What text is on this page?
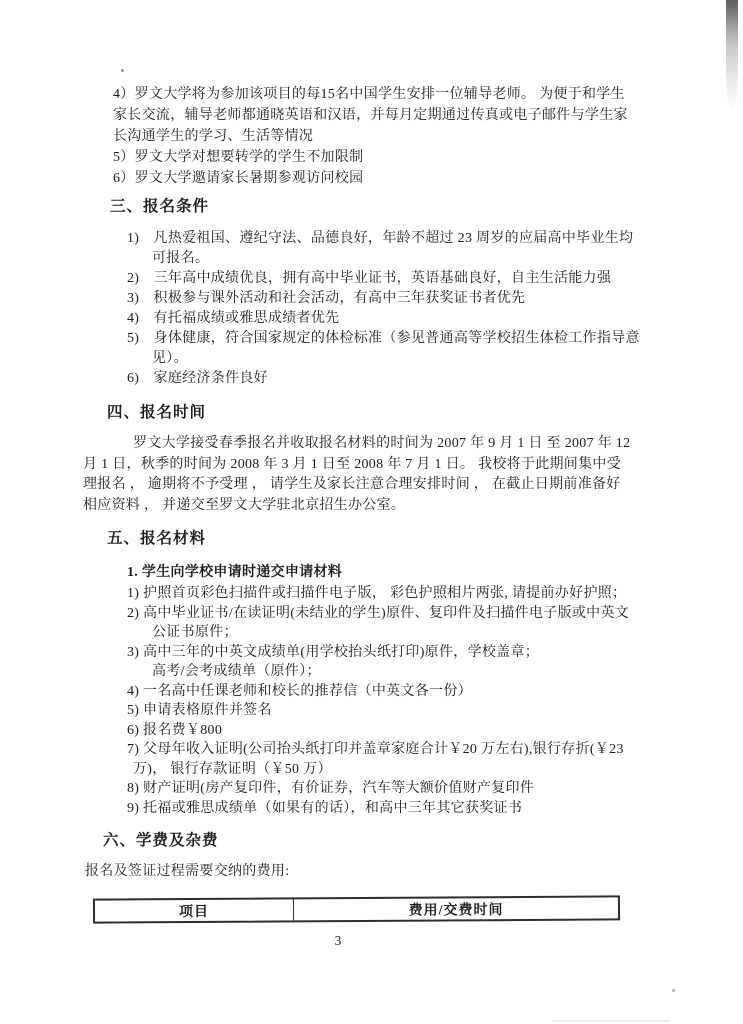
4）罗文大学将为参加该项目的每15名中国学生安排一位辅导老师。 为便于和学生
家长交流，辅导老师都通晓英语和汉语，并每月定期通过传真或电子邮件与学生家
长沟通学生的学习、生活等情况
5）罗文大学对想要转学的学生不加限制
6）罗文大学邀请家长暑期参观访问校园
三、报名条件
1)　凡热爱祖国、遵纪守法、品德良好，年龄不超过 23 周岁的应届高中毕业生均
可报名。
2)　三年高中成绩优良，拥有高中毕业证书，英语基础良好，自主生活能力强
3)　积极参与课外活动和社会活动，有高中三年获奖证书者优先
4)　有托福成绩或雅思成绩者优先
5)　身体健康，符合国家规定的体检标准（参见普通高等学校招生体检工作指导意
见）。
6)　家庭经济条件良好
四、报名时间
罗文大学接受春季报名并收取报名材料的时间为 2007 年 9 月 1 日 至 2007 年 12
月 1 日，秋季的时间为 2008 年 3 月 1 日至 2008 年 7 月 1 日。 我校将于此期间集中受
理报名 ， 逾期将不予受理 ， 请学生及家长注意合理安排时间 ， 在截止日期前准备好
相应资料 ， 并递交至罗文大学驻北京招生办公室。
五、报名材料
1. 学生向学校申请时递交申请材料
1) 护照首页彩色扫描件或扫描件电子版， 彩色护照相片两张, 请提前办好护照；
2) 高中毕业证书/在读证明(未结业的学生)原件、复印件及扫描件电子版或中英文
公证书原件；
3) 高中三年的中英文成绩单(用学校抬头纸打印)原件，学校盖章；
高考/会考成绩单（原件）；
4) 一名高中任课老师和校长的推荐信（中英文各一份）
5) 申请表格原件并签名
6) 报名费￥800
7) 父母年收入证明(公司抬头纸打印并盖章家庭合计￥20 万左右),银行存折(￥23
万)， 银行存款证明（￥50 万）
8) 财产证明(房产复印件，有价证券，汽车等大额价值财产复印件
9) 托福或雅思成绩单（如果有的话），和高中三年其它获奖证书
六、学费及杂费
报名及签证过程需要交纳的费用:
项目	费用/交费时间
3
